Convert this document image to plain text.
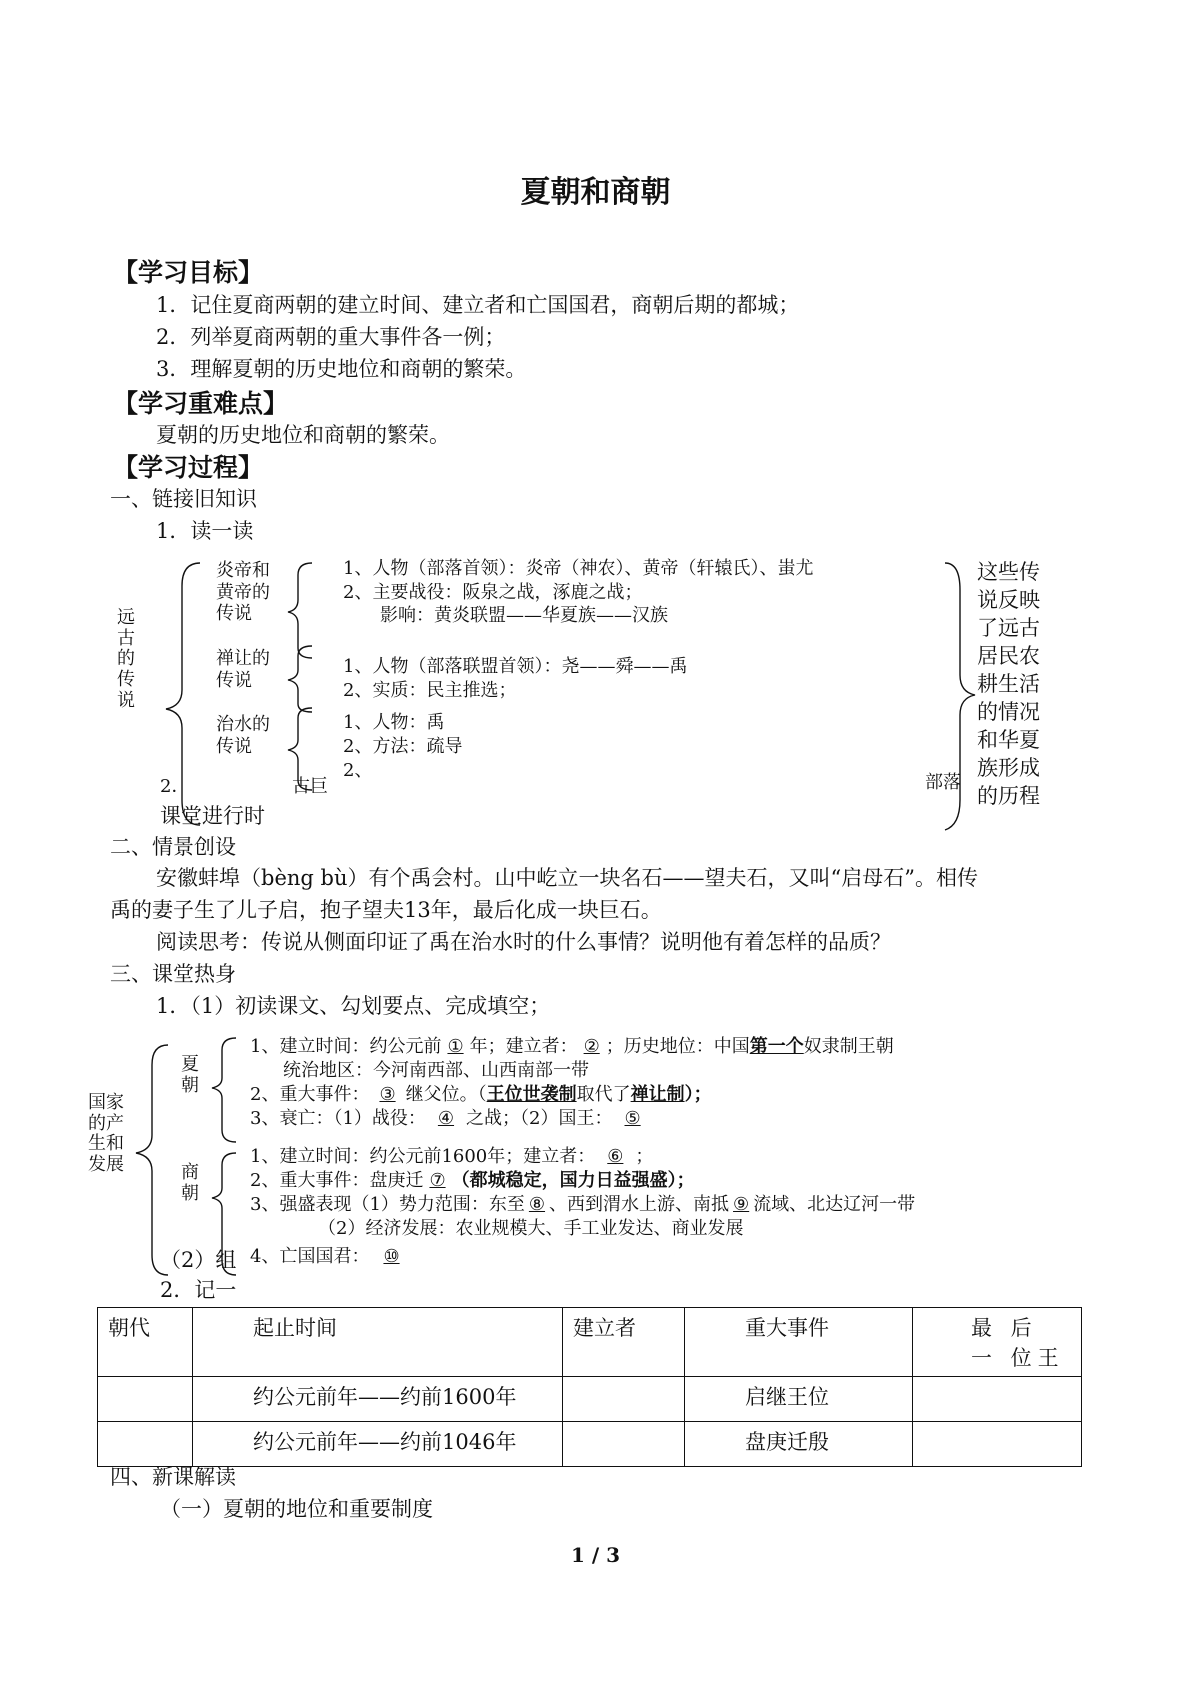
夏朝和商朝
【学习目标】
1．记住夏商两朝的建立时间、建立者和亡国国君，商朝后期的都城；
2．列举夏商两朝的重大事件各一例；
3．理解夏朝的历史地位和商朝的繁荣。
【学习重难点】
夏朝的历史地位和商朝的繁荣。
【学习过程】
一、链接旧知识
1．读一读
远古的传说
炎帝和黄帝的传说
禅让的传说
治水的传说
1、人物（部落首领）：炎帝（神农）、黄帝（轩辕氏）、蚩尤
2、主要战役：阪泉之战，涿鹿之战；
影响：黄炎联盟——华夏族——汉族
1、人物（部落联盟首领）：尧——舜——禹
2、实质：民主推选；
1、人物：禹
2、方法：疏导
2、
这些传说反映了远古居民农耕生活的情况和华夏族形成的历程
2．	古巨	部落
课堂进行时
二、情景创设
安徽蚌埠（bèng bù）有个禹会村。山中屹立一块名石——望夫石，又叫“启母石”。相传
禹的妻子生了儿子启，抱子望夫13年，最后化成一块巨石。
阅读思考：传说从侧面印证了禹在治水时的什么事情？说明他有着怎样的品质？
三、课堂热身
1．（1）初读课文、勾划要点、完成填空；
国家的产生和发展
夏朝
商朝
1、建立时间：约公元前 ① 年；建立者： ② ；历史地位：中国第一个奴隶制王朝
统治地区：今河南西部、山西南部一带
2、重大事件： ③ 继父位。（王位世袭制取代了禅让制）；
3、衰亡：（1）战役： ④ 之战；（2）国王： ⑤
1、建立时间：约公元前1600年；建立者： ⑥ ；
2、重大事件：盘庚迁 ⑦ （都城稳定，国力日益强盛）；
3、强盛表现（1）势力范围：东至 ⑧ 、西到渭水上游、南抵 ⑨ 流域、北达辽河一带
（2）经济发展：农业规模大、手工业发达、商业发展
4、亡国国君： ⑩
（2）组
2．记一
朝代	起止时间	建立者	重大事件	最 后 一 位王
	约公元前年——约前1600年		启继王位	
	约公元前年——约前1046年		盘庚迁殷	
四、新课解读
（一）夏朝的地位和重要制度
1 / 3
